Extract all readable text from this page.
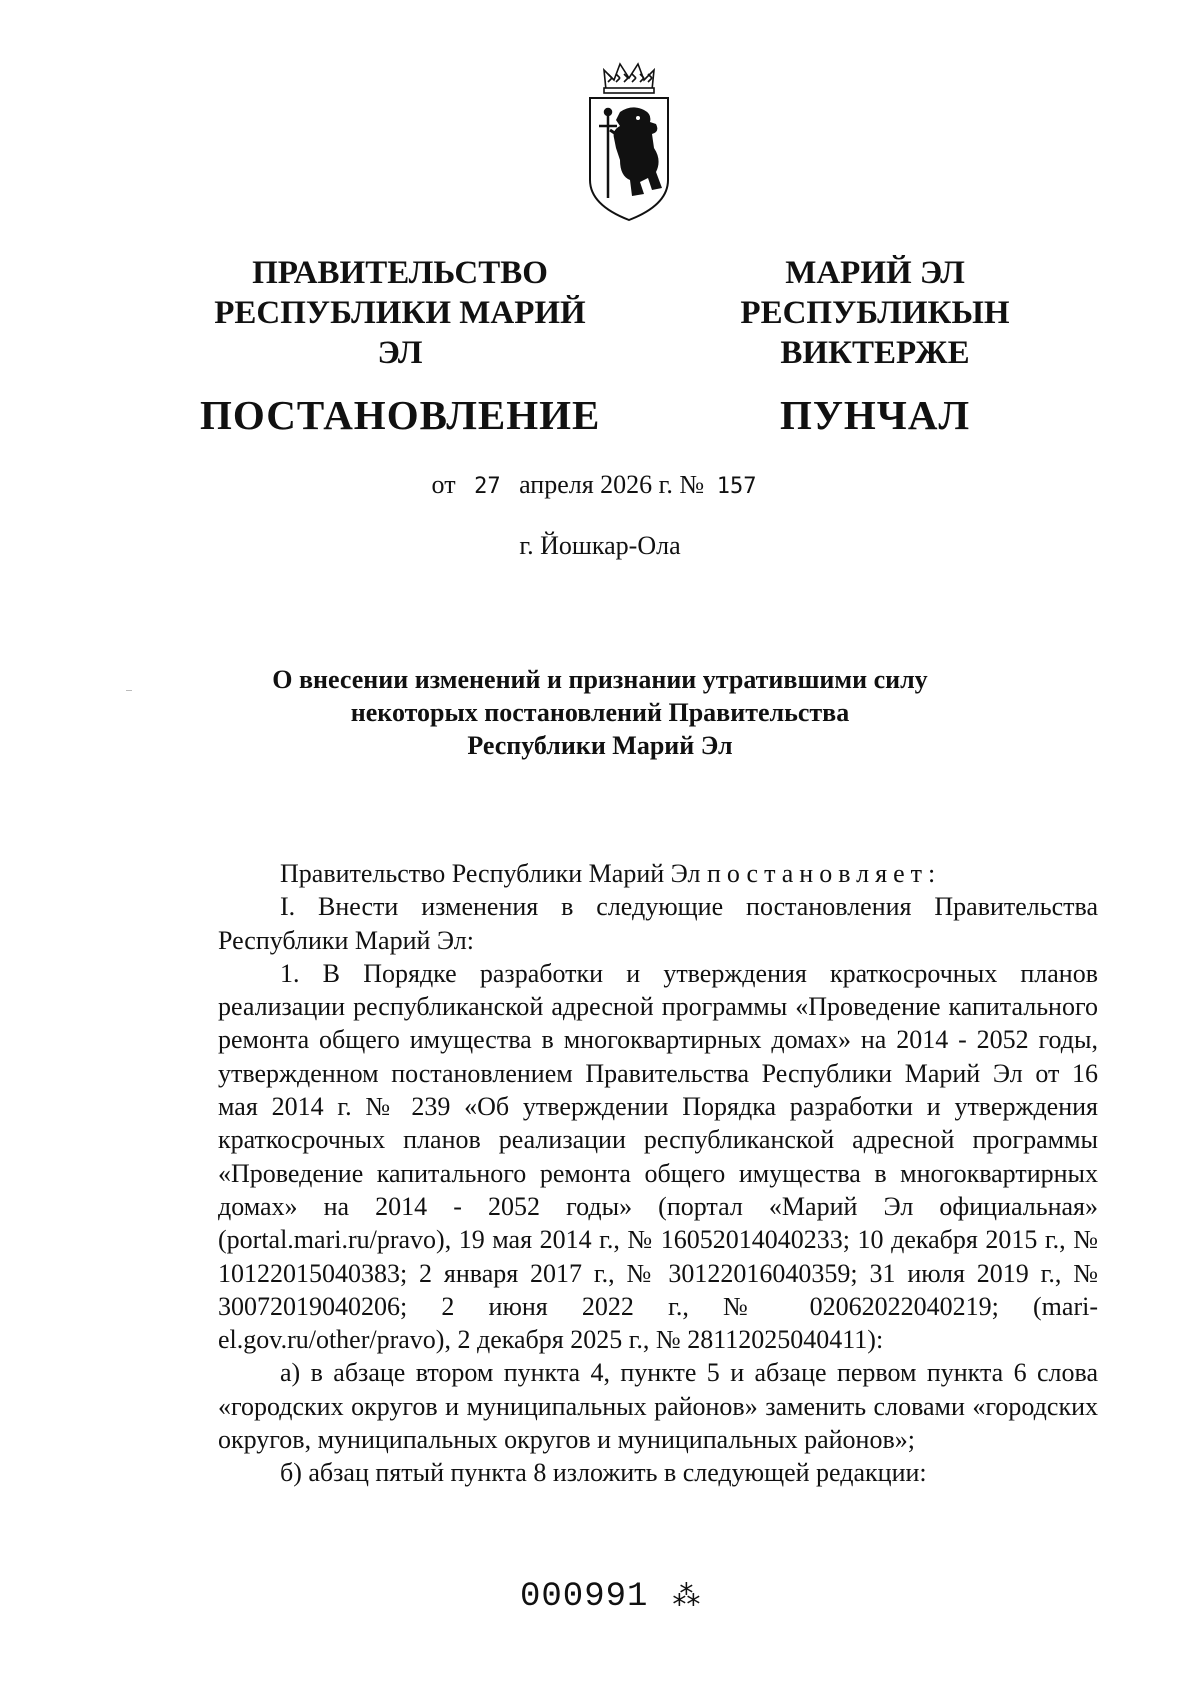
ПРАВИТЕЛЬСТВО
РЕСПУБЛИКИ МАРИЙ ЭЛ
ПОСТАНОВЛЕНИЕ
МАРИЙ ЭЛ РЕСПУБЛИКЫН
ВИКТЕРЖЕ
ПУНЧАЛ
от 27 апреля 2026 г. № 157
г. Йошкар-Ола
О внесении изменений и признании утратившими силу
некоторых постановлений Правительства
Республики Марий Эл

Правительство Республики Марий Эл постановляет:

I. Внести изменения в следующие постановления Правительства Республики Марий Эл:

1. В Порядке разработки и утверждения краткосрочных планов реализации республиканской адресной программы «Проведение капитального ремонта общего имущества в многоквартирных домах» на 2014 - 2052 годы, утвержденном постановлением Правительства Республики Марий Эл от 16 мая 2014 г. № 239 «Об утверждении Порядка разработки и утверждения краткосрочных планов реализации республиканской адресной программы «Проведение капитального ремонта общего имущества в многоквартирных домах» на 2014 - 2052 годы» (портал «Марий Эл официальная» (portal.mari.ru/pravo), 19 мая 2014 г., № 16052014040233; 10 декабря 2015 г., № 10122015040383; 2 января 2017 г., № 30122016040359; 31 июля 2019 г., № 30072019040206; 2 июня 2022 г., № 02062022040219; (mari-el.gov.ru/other/pravo), 2 декабря 2025 г., № 28112025040411):

а) в абзаце втором пункта 4, пункте 5 и абзаце первом пункта 6 слова «городских округов и муниципальных районов» заменить словами «городских округов, муниципальных округов и муниципальных районов»;

б) абзац пятый пункта 8 изложить в следующей редакции:

000991 ⁂
